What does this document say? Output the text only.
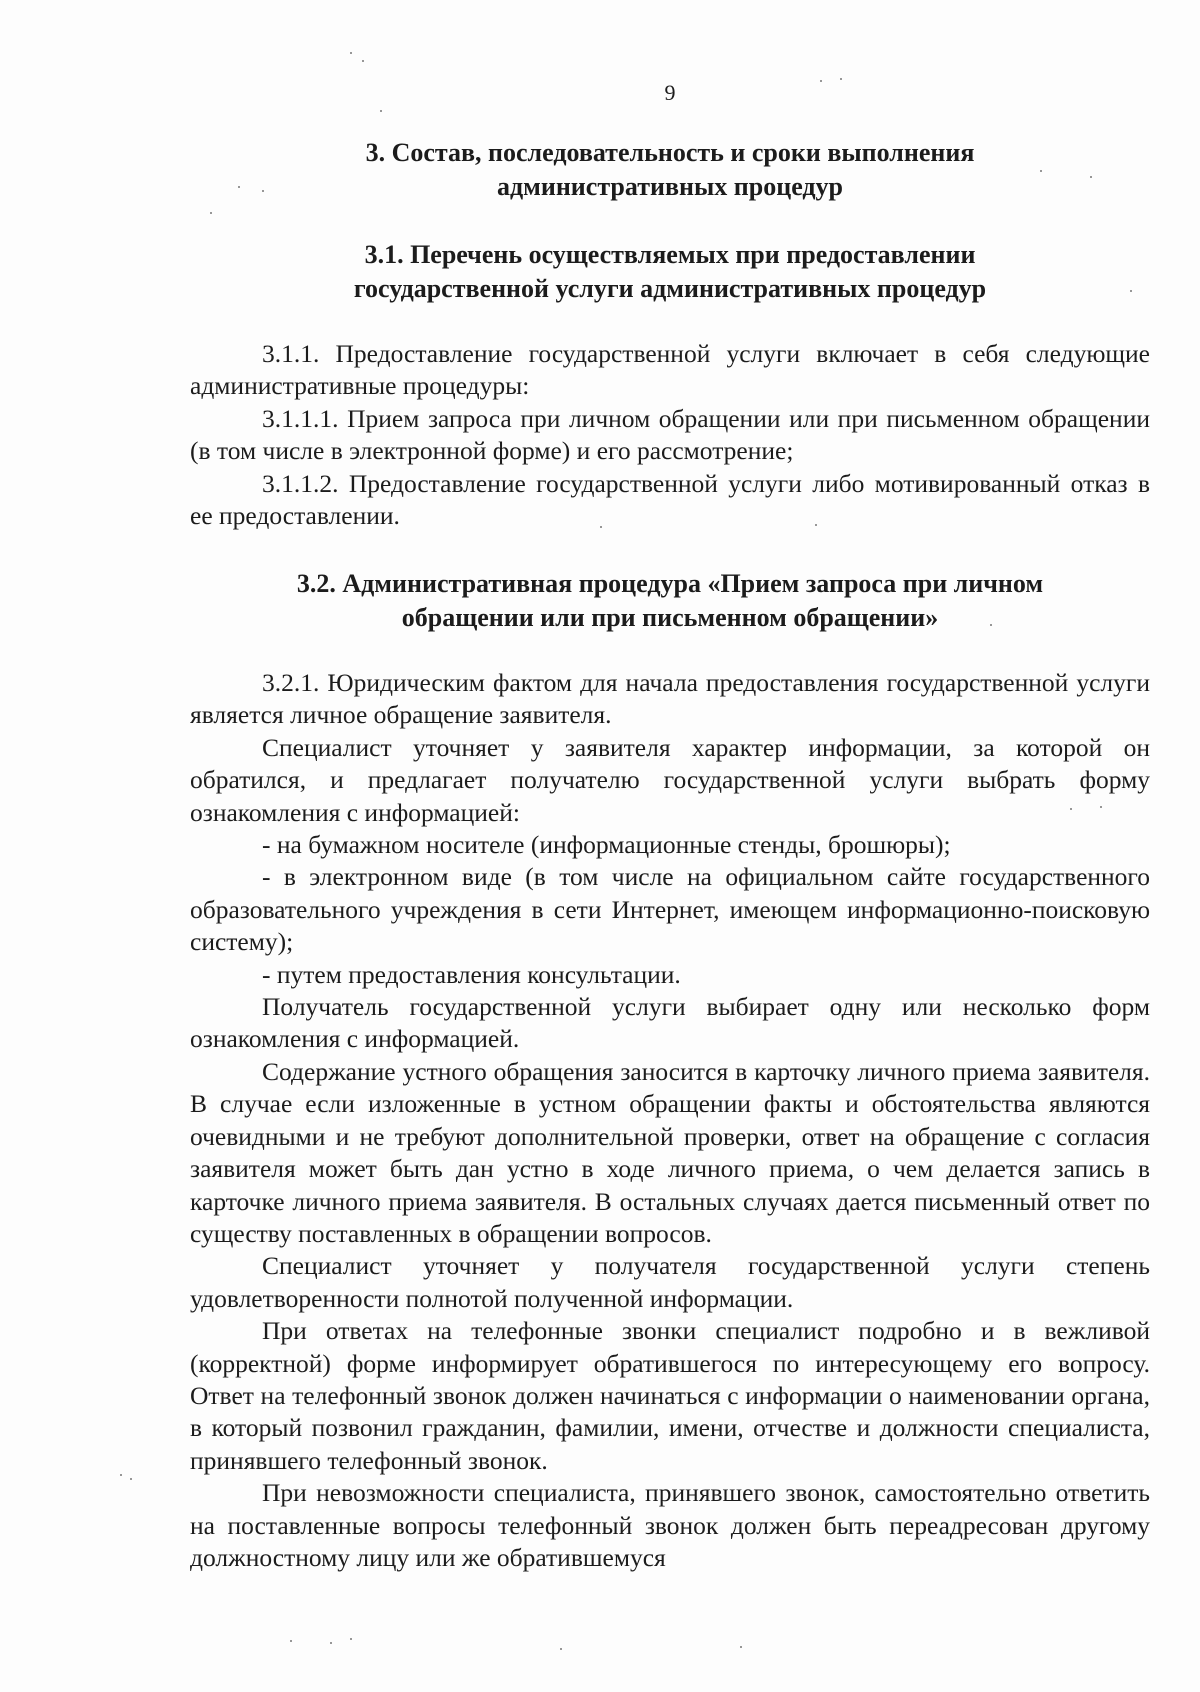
9
3. Состав, последовательность и сроки выполнения
административных процедур
3.1. Перечень осуществляемых при предоставлении
государственной услуги административных процедур

3.1.1. Предоставление государственной услуги включает в себя следующие административные процедуры:

3.1.1.1. Прием запроса при личном обращении или при письменном обращении (в том числе в электронной форме) и его рассмотрение;

3.1.1.2. Предоставление государственной услуги либо мотивированный отказ в ее предоставлении.

3.2. Административная процедура «Прием запроса при личном
обращении или при письменном обращении»

3.2.1. Юридическим фактом для начала предоставления государственной услуги является личное обращение заявителя.

Специалист уточняет у заявителя характер информации, за которой он обратился, и предлагает получателю государственной услуги выбрать форму ознакомления с информацией:

- на бумажном носителе (информационные стенды, брошюры);

- в электронном виде (в том числе на официальном сайте государственного образовательного учреждения в сети Интернет, имеющем информационно-поисковую систему);

- путем предоставления консультации.

Получатель государственной услуги выбирает одну или несколько форм ознакомления с информацией.

Содержание устного обращения заносится в карточку личного приема заявителя. В случае если изложенные в устном обращении факты и обстоятельства являются очевидными и не требуют дополнительной проверки, ответ на обращение с согласия заявителя может быть дан устно в ходе личного приема, о чем делается запись в карточке личного приема заявителя. В остальных случаях дается письменный ответ по существу поставленных в обращении вопросов.

Специалист уточняет у получателя государственной услуги степень удовлетворенности полнотой полученной информации.

При ответах на телефонные звонки специалист подробно и в вежливой (корректной) форме информирует обратившегося по интересующему его вопросу. Ответ на телефонный звонок должен начинаться с информации о наименовании органа, в который позвонил гражданин, фамилии, имени, отчестве и должности специалиста, принявшего телефонный звонок.

При невозможности специалиста, принявшего звонок, самостоятельно ответить на поставленные вопросы телефонный звонок должен быть переадресован другому должностному лицу или же обратившемуся
